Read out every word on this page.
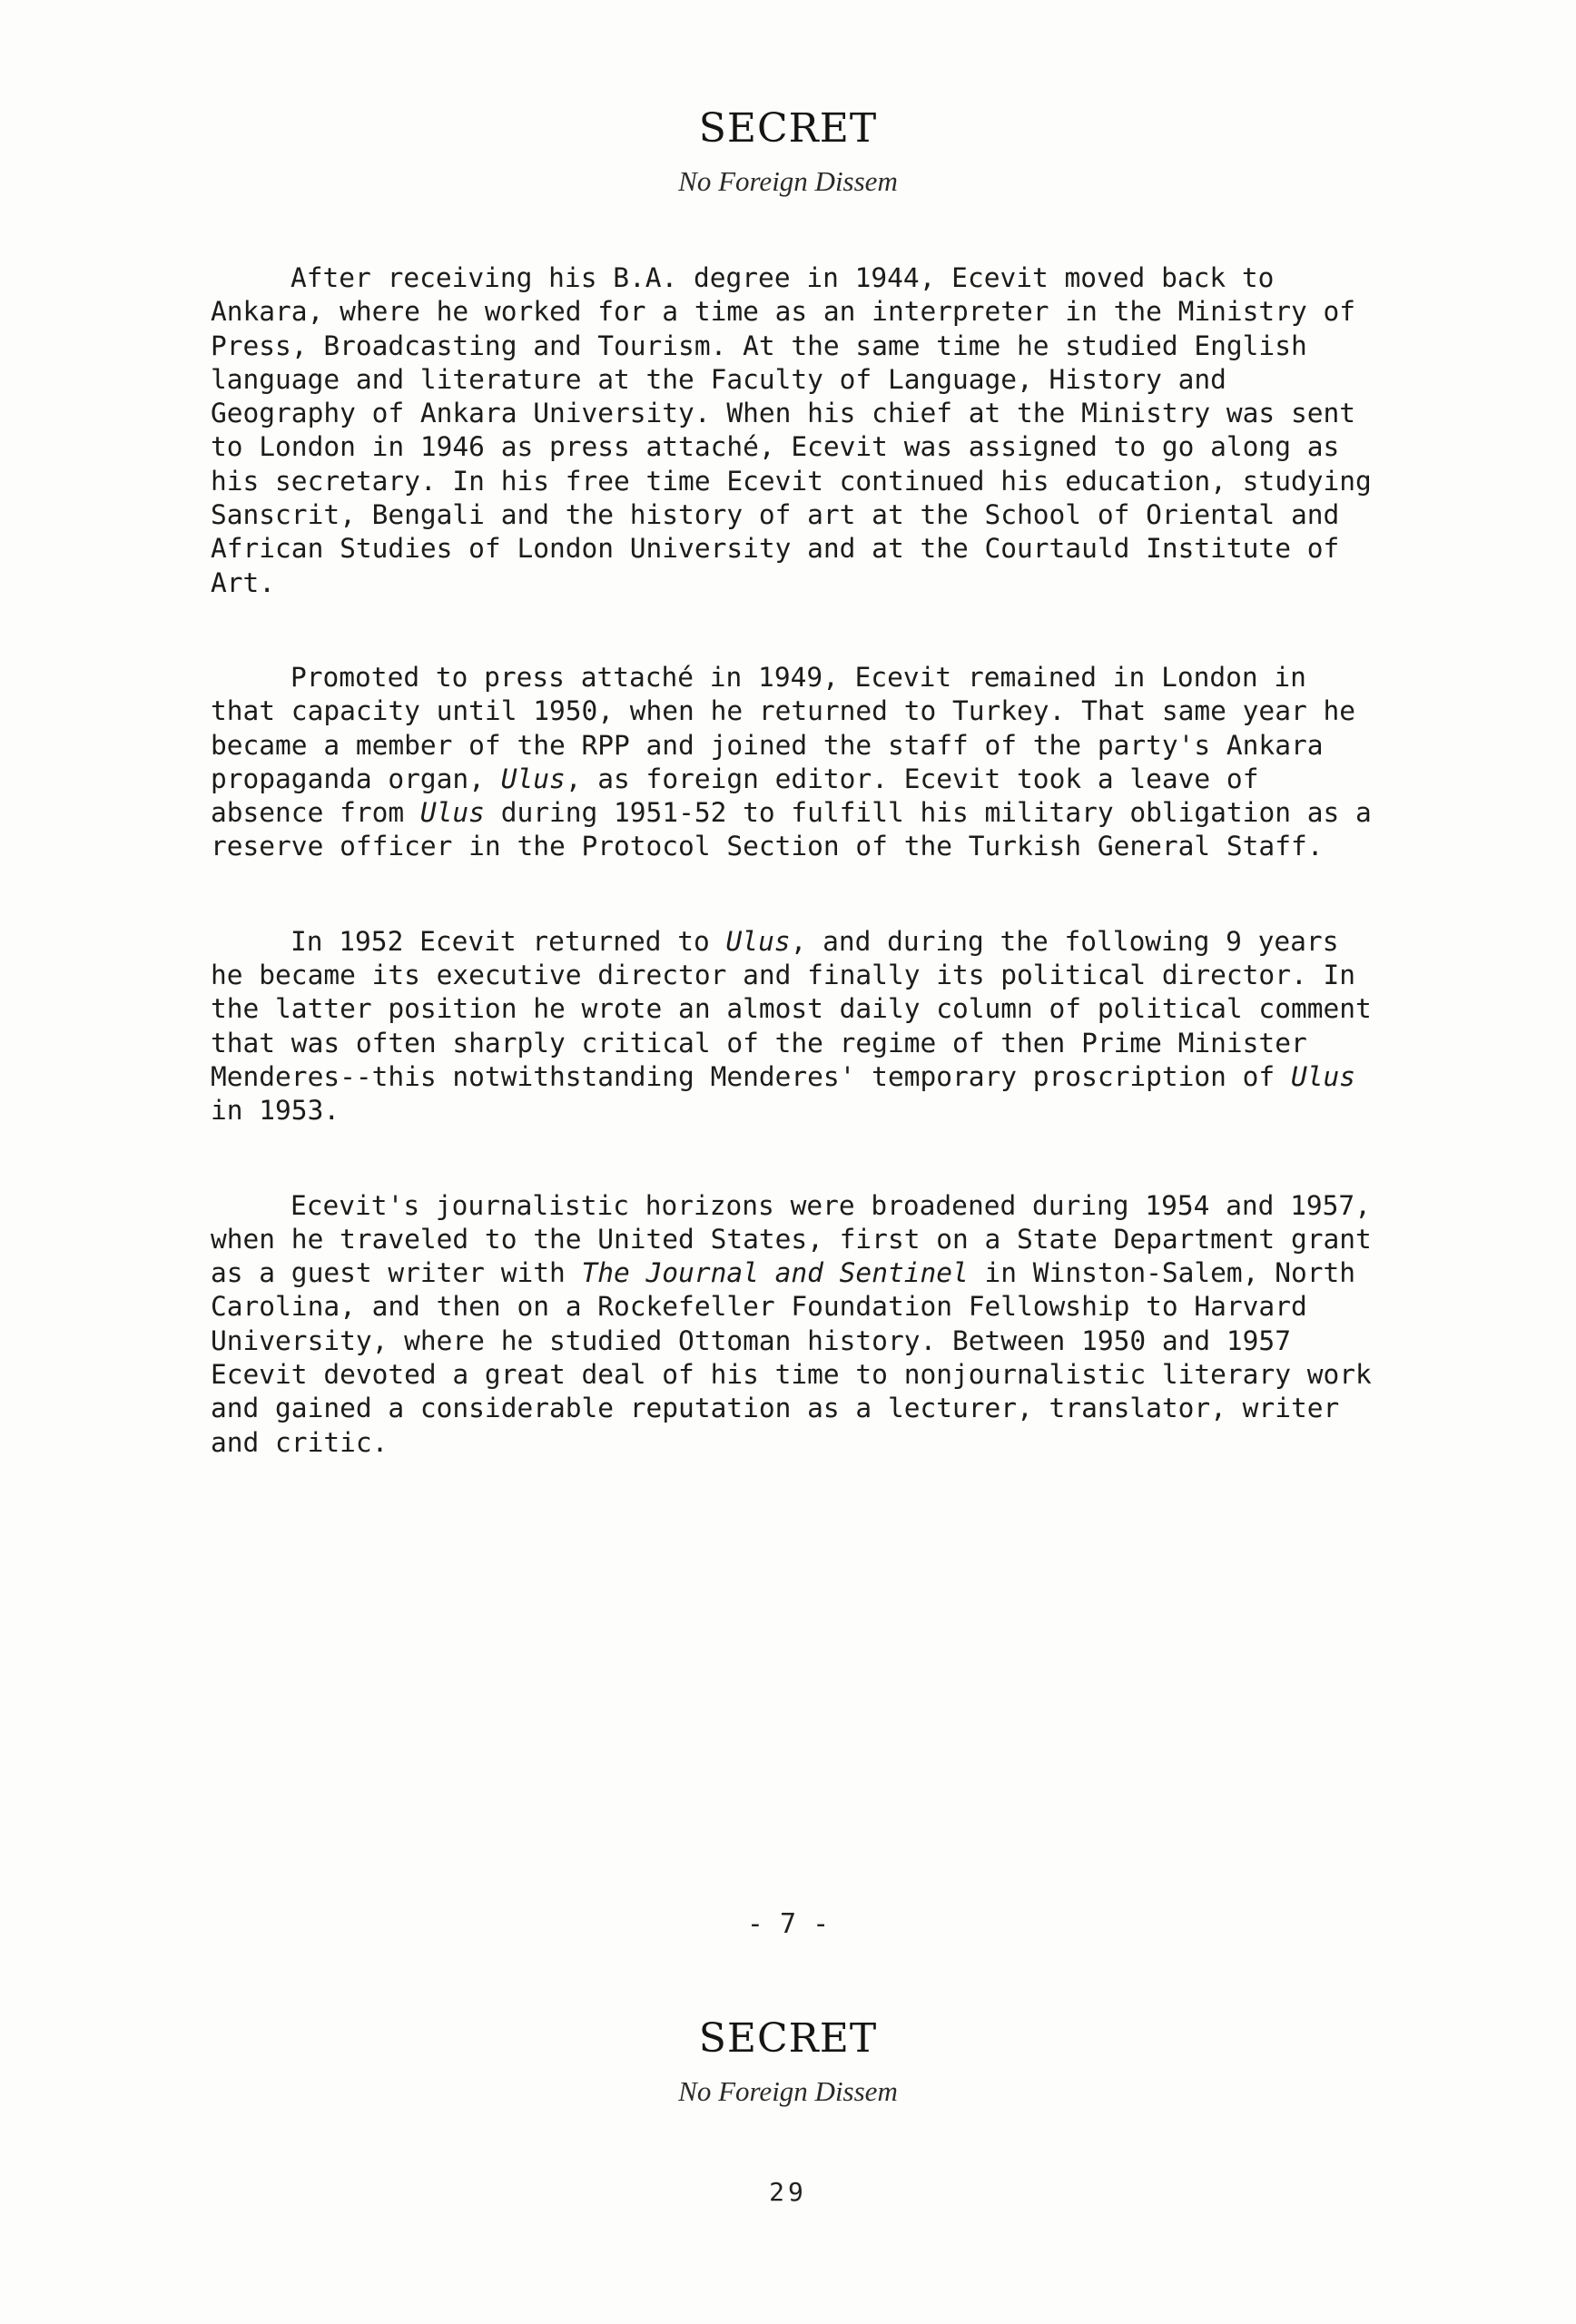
SECRET
No Foreign Dissem

After receiving his B.A. degree in 1944, Ecevit moved back to Ankara, where he worked for a time as an interpreter in the Ministry of Press, Broadcasting and Tourism. At the same time he studied English language and literature at the Faculty of Language, History and Geography of Ankara University. When his chief at the Ministry was sent to London in 1946 as press attaché, Ecevit was assigned to go along as his secretary. In his free time Ecevit continued his education, studying Sanscrit, Bengali and the history of art at the School of Oriental and African Studies of London University and at the Courtauld Institute of Art.

Promoted to press attaché in 1949, Ecevit remained in London in that capacity until 1950, when he returned to Turkey. That same year he became a member of the RPP and joined the staff of the party's Ankara propaganda organ, Ulus, as foreign editor. Ecevit took a leave of absence from Ulus during 1951-52 to fulfill his military obligation as a reserve officer in the Protocol Section of the Turkish General Staff.

In 1952 Ecevit returned to Ulus, and during the following 9 years he became its executive director and finally its political director. In the latter position he wrote an almost daily column of political comment that was often sharply critical of the regime of then Prime Minister Menderes--this notwithstanding Menderes' temporary proscription of Ulus in 1953.

Ecevit's journalistic horizons were broadened during 1954 and 1957, when he traveled to the United States, first on a State Department grant as a guest writer with The Journal and Sentinel in Winston-Salem, North Carolina, and then on a Rockefeller Foundation Fellowship to Harvard University, where he studied Ottoman history. Between 1950 and 1957 Ecevit devoted a great deal of his time to nonjournalistic literary work and gained a considerable reputation as a lecturer, translator, writer and critic.

- 7 -
SECRET
No Foreign Dissem
29
